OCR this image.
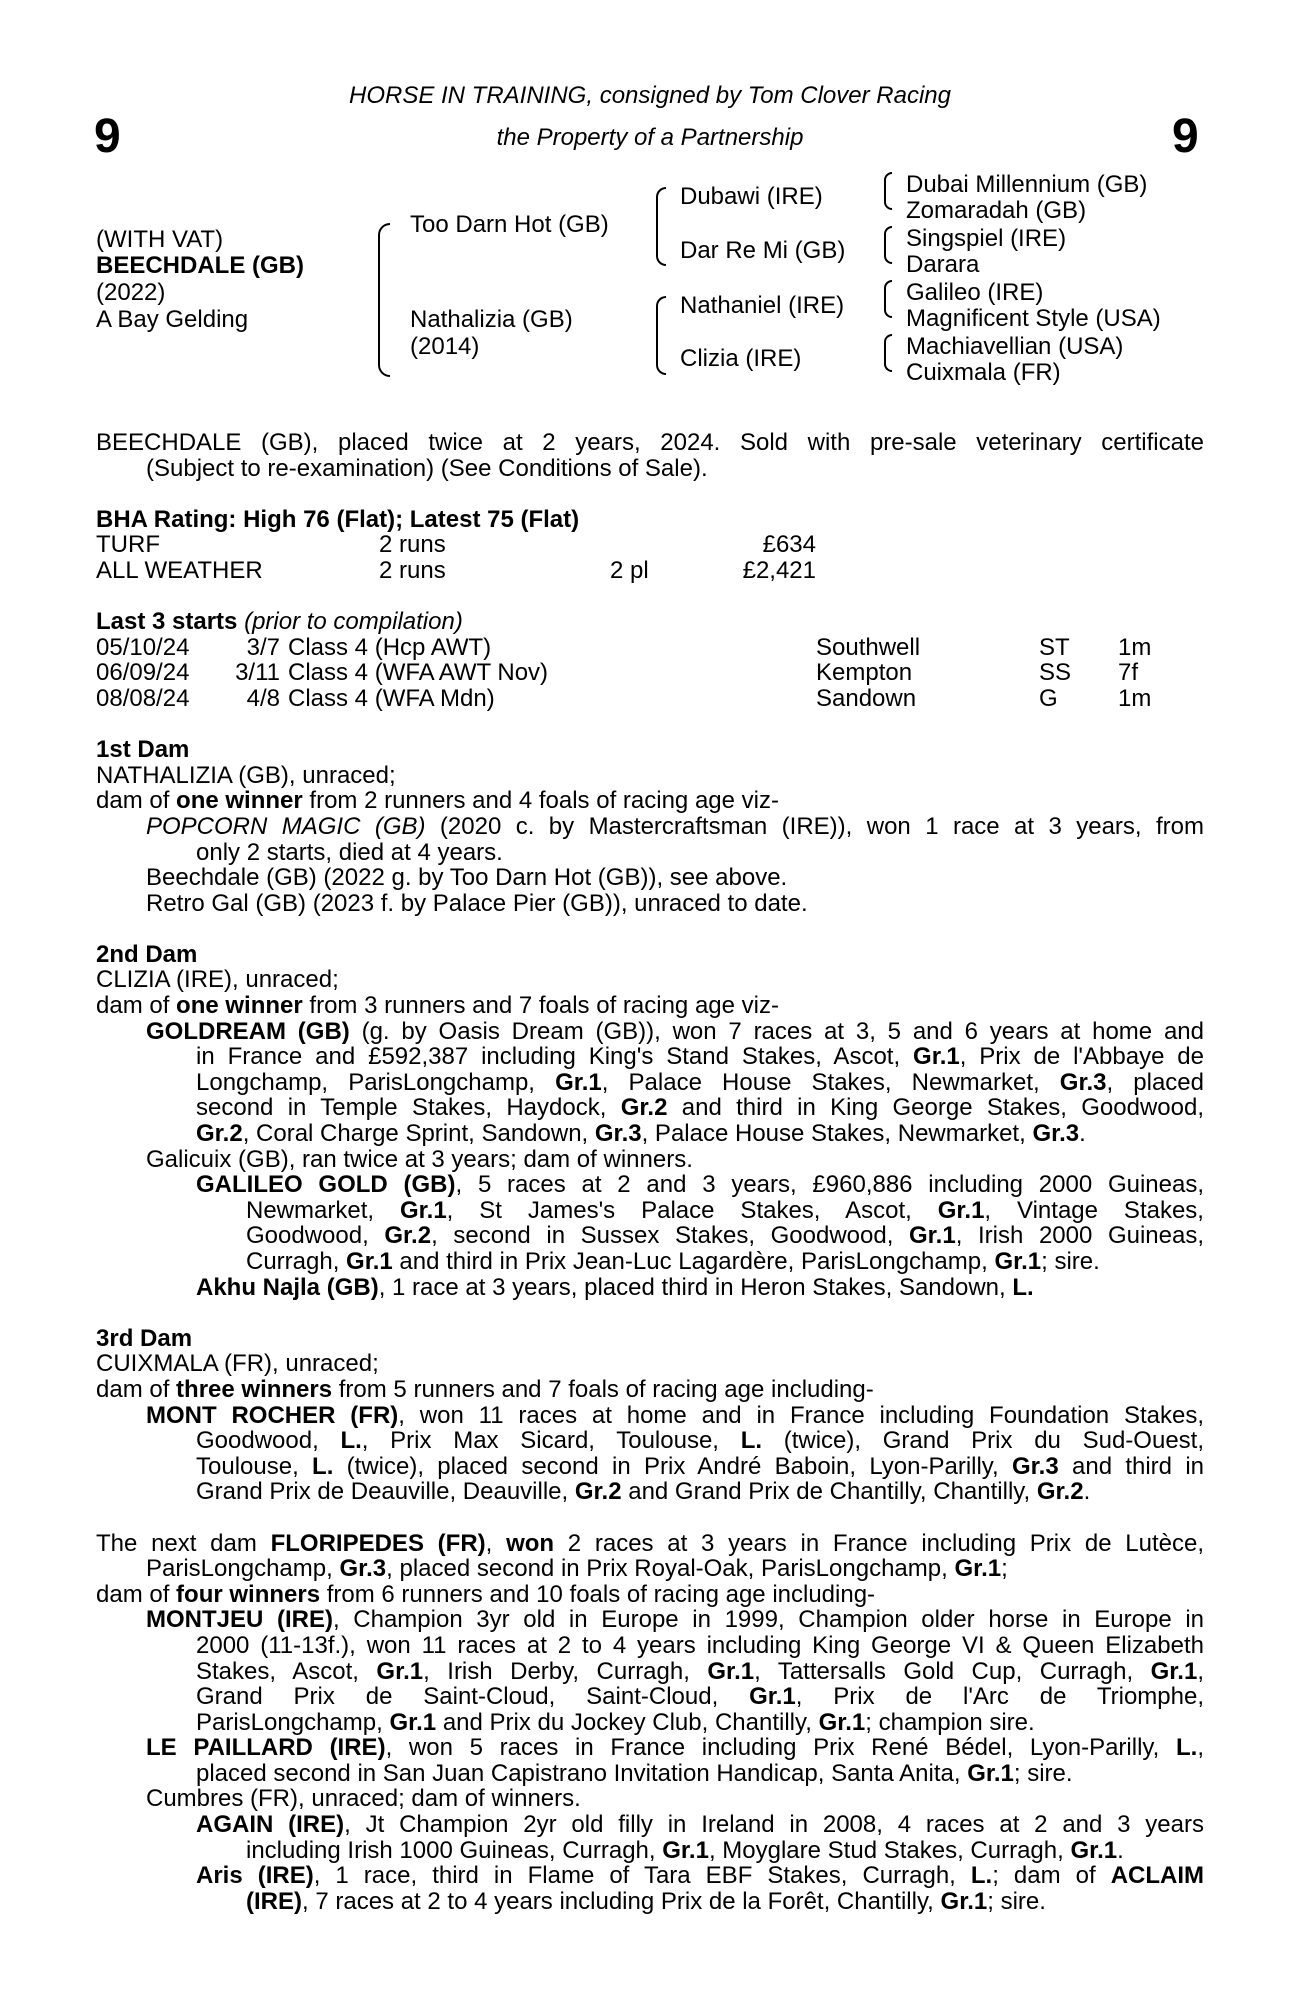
9	9
HORSE IN TRAINING, consigned by Tom Clover Racing
the Property of a Partnership
(WITH VAT)
BEECHDALE (GB)
(2022)
A Bay Gelding
Too Darn Hot (GB)
Nathalizia (GB)
(2014)
Dubawi (IRE)
Dar Re Mi (GB)
Nathaniel (IRE)
Clizia (IRE)
Dubai Millennium (GB)
Zomaradah (GB)
Singspiel (IRE)
Darara
Galileo (IRE)
Magnificent Style (USA)
Machiavellian (USA)
Cuixmala (FR)
BEECHDALE (GB), placed twice at 2 years, 2024. Sold with pre-sale veterinary certificate
(Subject to re-examination) (See Conditions of Sale).
BHA Rating: High 76 (Flat); Latest 75 (Flat)
TURF	2 runs	£634
ALL WEATHER	2 runs	2 pl	£2,421
Last 3 starts (prior to compilation)
05/10/24	3/7 Class 4 (Hcp AWT)	Southwell	ST 1m
06/09/24	3/11 Class 4 (WFA AWT Nov)	Kempton	SS 7f
08/08/24	4/8 Class 4 (WFA Mdn)	Sandown	G	1m
1st Dam
NATHALIZIA (GB), unraced;
dam of one winner from 2 runners and 4 foals of racing age viz-
POPCORN MAGIC (GB) (2020 c. by Mastercraftsman (IRE)), won 1 race at 3 years, from
only 2 starts, died at 4 years.
Beechdale (GB) (2022 g. by Too Darn Hot (GB)), see above.
Retro Gal (GB) (2023 f. by Palace Pier (GB)), unraced to date.
2nd Dam
CLIZIA (IRE), unraced;
dam of one winner from 3 runners and 7 foals of racing age viz-
GOLDREAM (GB) (g. by Oasis Dream (GB)), won 7 races at 3, 5 and 6 years at home and
in France and £592,387 including King's Stand Stakes, Ascot, Gr.1, Prix de l'Abbaye de
Longchamp, ParisLongchamp, Gr.1, Palace House Stakes, Newmarket, Gr.3, placed
second in Temple Stakes, Haydock, Gr.2 and third in King George Stakes, Goodwood,
Gr.2, Coral Charge Sprint, Sandown, Gr.3, Palace House Stakes, Newmarket, Gr.3.
Galicuix (GB), ran twice at 3 years; dam of winners.
GALILEO GOLD (GB), 5 races at 2 and 3 years, £960,886 including 2000 Guineas,
Newmarket, Gr.1, St James's Palace Stakes, Ascot, Gr.1, Vintage Stakes,
Goodwood, Gr.2, second in Sussex Stakes, Goodwood, Gr.1, Irish 2000 Guineas,
Curragh, Gr.1 and third in Prix Jean-Luc Lagardère, ParisLongchamp, Gr.1; sire.
Akhu Najla (GB), 1 race at 3 years, placed third in Heron Stakes, Sandown, L.
3rd Dam
CUIXMALA (FR), unraced;
dam of three winners from 5 runners and 7 foals of racing age including-
MONT ROCHER (FR), won 11 races at home and in France including Foundation Stakes,
Goodwood, L., Prix Max Sicard, Toulouse, L. (twice), Grand Prix du Sud-Ouest,
Toulouse, L. (twice), placed second in Prix André Baboin, Lyon-Parilly, Gr.3 and third in
Grand Prix de Deauville, Deauville, Gr.2 and Grand Prix de Chantilly, Chantilly, Gr.2.
The next dam FLORIPEDES (FR), won 2 races at 3 years in France including Prix de Lutèce,
ParisLongchamp, Gr.3, placed second in Prix Royal-Oak, ParisLongchamp, Gr.1;
dam of four winners from 6 runners and 10 foals of racing age including-
MONTJEU (IRE), Champion 3yr old in Europe in 1999, Champion older horse in Europe in
2000 (11-13f.), won 11 races at 2 to 4 years including King George VI & Queen Elizabeth
Stakes, Ascot, Gr.1, Irish Derby, Curragh, Gr.1, Tattersalls Gold Cup, Curragh, Gr.1,
Grand Prix de Saint-Cloud, Saint-Cloud, Gr.1, Prix de l'Arc de Triomphe,
ParisLongchamp, Gr.1 and Prix du Jockey Club, Chantilly, Gr.1; champion sire.
LE PAILLARD (IRE), won 5 races in France including Prix René Bédel, Lyon-Parilly, L.,
placed second in San Juan Capistrano Invitation Handicap, Santa Anita, Gr.1; sire.
Cumbres (FR), unraced; dam of winners.
AGAIN (IRE), Jt Champion 2yr old filly in Ireland in 2008, 4 races at 2 and 3 years
including Irish 1000 Guineas, Curragh, Gr.1, Moyglare Stud Stakes, Curragh, Gr.1.
Aris (IRE), 1 race, third in Flame of Tara EBF Stakes, Curragh, L.; dam of ACLAIM
(IRE), 7 races at 2 to 4 years including Prix de la Forêt, Chantilly, Gr.1; sire.
